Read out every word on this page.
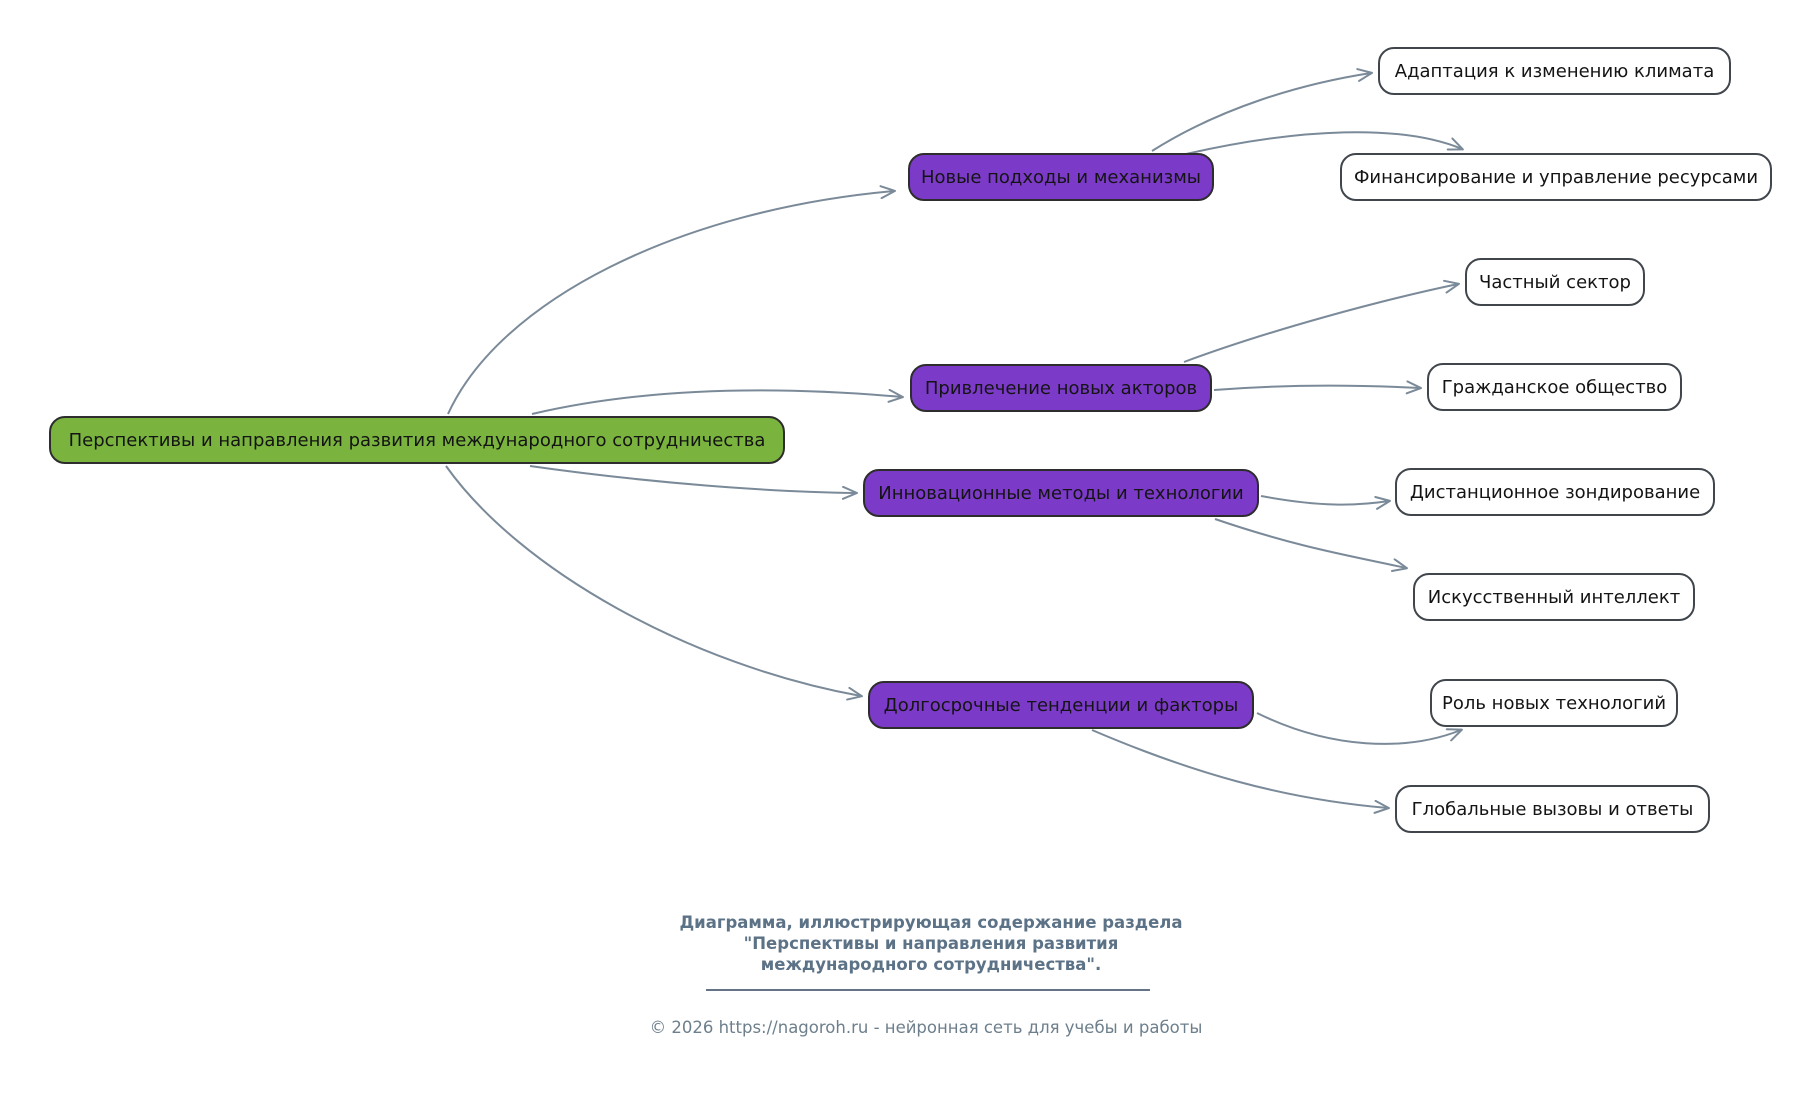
Перспективы и направления развития международного сотрудничества
Новые подходы и механизмы
Привлечение новых акторов
Инновационные методы и технологии
Долгосрочные тенденции и факторы
Адаптация к изменению климата
Финансирование и управление ресурсами
Частный сектор
Гражданское общество
Дистанционное зондирование
Искусственный интеллект
Роль новых технологий
Глобальные вызовы и ответы
Диаграмма, иллюстрирующая содержание раздела
"Перспективы и направления развития
международного сотрудничества".
© 2026 https://nagoroh.ru - нейронная сеть для учебы и работы
